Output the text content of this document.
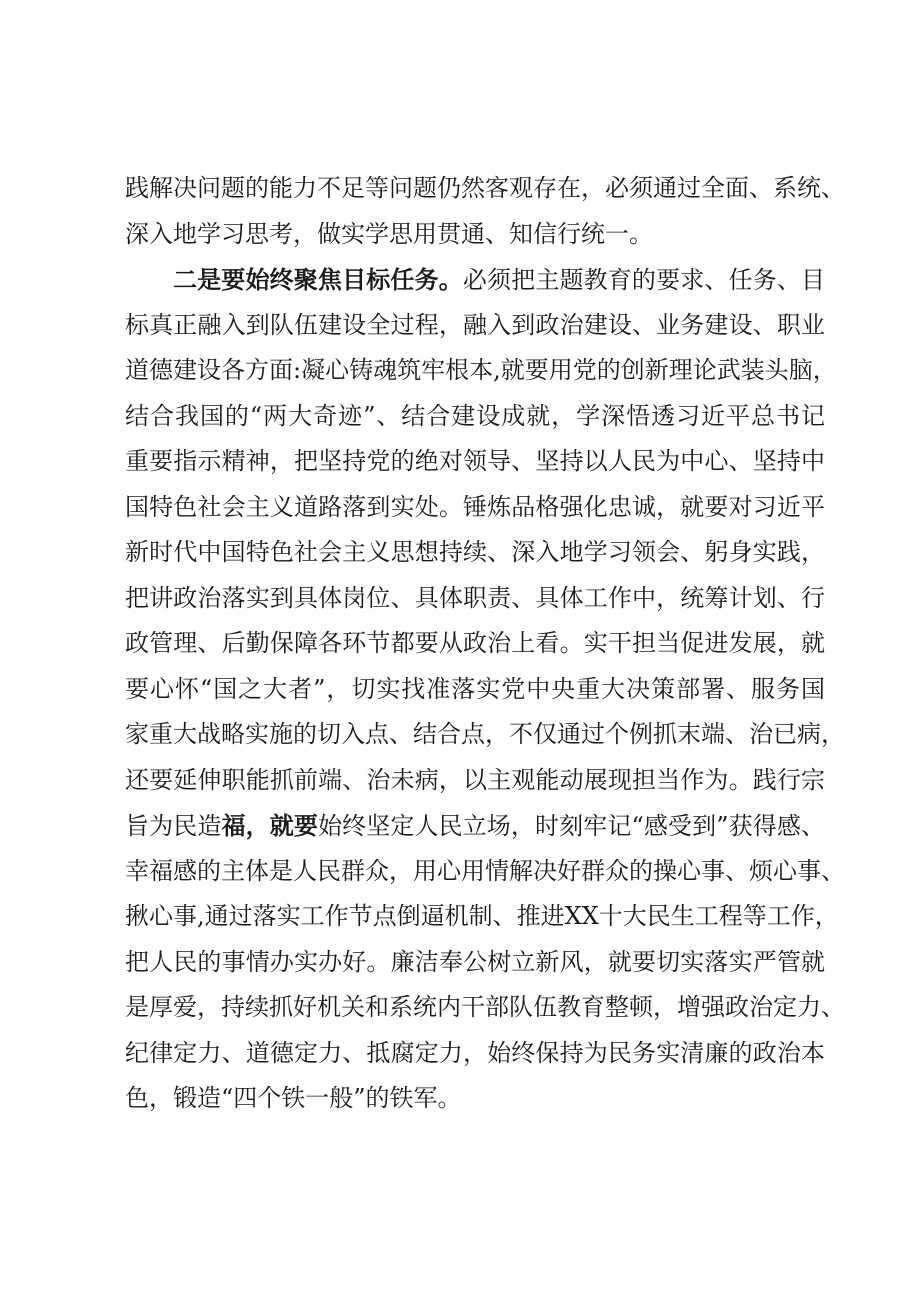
践解决问题的能力不足等问题仍然客观存在，必须通过全面、系统、
深入地学习思考，做实学思用贯通、知信行统一。
二是要始终聚焦目标任务。必须把主题教育的要求、任务、目
标真正融入到队伍建设全过程，融入到政治建设、业务建设、职业
道德建设各方面:凝心铸魂筑牢根本,就要用党的创新理论武装头脑，
结合我国的“两大奇迹”、结合建设成就，学深悟透习近平总书记
重要指示精神，把坚持党的绝对领导、坚持以人民为中心、坚持中
国特色社会主义道路落到实处。锤炼品格强化忠诚，就要对习近平
新时代中国特色社会主义思想持续、深入地学习领会、躬身实践，
把讲政治落实到具体岗位、具体职责、具体工作中，统筹计划、行
政管理、后勤保障各环节都要从政治上看。实干担当促进发展，就
要心怀“国之大者”，切实找准落实党中央重大决策部署、服务国
家重大战略实施的切入点、结合点，不仅通过个例抓末端、治已病，
还要延伸职能抓前端、治未病，以主观能动展现担当作为。践行宗
旨为民造福，就要始终坚定人民立场，时刻牢记“感受到”获得感、
幸福感的主体是人民群众，用心用情解决好群众的操心事、烦心事、
揪心事,通过落实工作节点倒逼机制、推进XX十大民生工程等工作，
把人民的事情办实办好。廉洁奉公树立新风，就要切实落实严管就
是厚爱，持续抓好机关和系统内干部队伍教育整顿，增强政治定力、
纪律定力、道德定力、抵腐定力，始终保持为民务实清廉的政治本
色，锻造“四个铁一般”的铁军。
